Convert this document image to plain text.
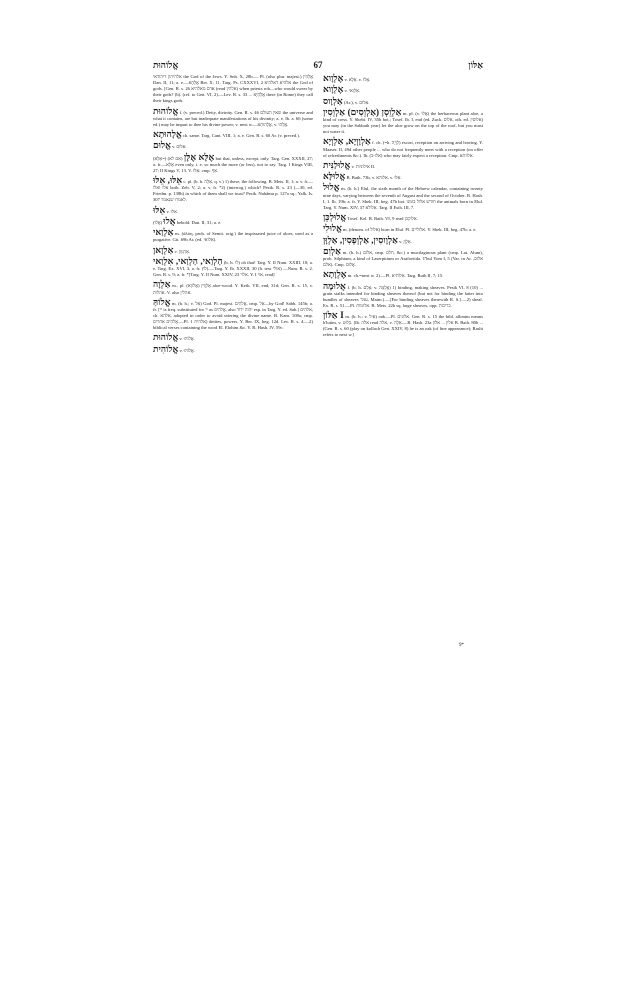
אֱלוֹהוּת	67	אַלּוֹן

אלהיהון דיהודאי the God of the Jews. Y. Snh. X, 28b.— Pl. (also plur. majest.) אֱלָהִין Dan. II, 11; a. e.—אֱלָהָא Ber. X, 11. Targ. Ps. CXXXVI, 2 אלהיא דאלהיא the God of gods. [Gen. R. s. 26 אדם מאלהיא (read אלהין) when priests rob—who would swear by their gods? (b). (ref. to Gen. VI, 2).—Lev. R. s. 33 ... אֱלָהַיָּא there (in Rome) they call their kings gods.

אֱלוֹהוּת f. (v. preced.) Deity, divinity. Gen. R. s. 46 שאין העולם the universe and what it contains, are but inadequate manifestations of his divinity; a. e. Ib. a. 66 (some ed.) may he impart to thee his divine power; v. next w.—אֱלָהוּתָא, v. אֱלָהוּ.

אֱלָהוּתָא ch. same. Targ. Cant. VIII, 1; a. e. Gen. R. s. 60 Ar. (v. preced.).

אֱלוּם v. אִלּוּם.

אֶלָּא אֶלָּן (אִם לֹא) (=אֶלָּא) but that, unless, except, only. Targ. Gen. XXXII, 27; a. fr.—אֶלָּא even only, i. e. so much the more (or less), not to say. Targ. I Kings VIII, 27; II Kings V, 13. V. אִלּוּ; cmp. אַף.

אֵלּוּ, אֵלּוּ c. pl. (b. h. אֵלֶּה, q. v.) 1) these, the following. B. Mets. II, 1; a. v. fr.—אלו ואלו both. Zeb. V, 2; a. v. fr. *2) (interrog.) which? Pesik. R. s. 23 (—30, ed. Friedm. p. 138b) in which of them shall we trust? Pesik. Nahâmu p. 127a sq.; Yalk. Is. 307 לאמרו שנאמר.

אֵלּוּ v. אִלּוּ.

אֲלוּ (אֲלוּ) behold. Dan. II, 31; a. e.

אַלְוַאי m. (ἀλόη, prob. of Semit. orig.) the inspissated juice of aloes, used as a purgative. Git. 69b Ar. (ed. אלואי).

אַלְוָאן v. אַרְגְּוָון.

הַלְוַאי, הַלְוַאי, אִלְוַאי (b. h. לוּ) oh that! Targ. Y. II Num. XXIII, 10; a. e. Targ. Ex. XVI, 3, a. fr. (לוּ).—Targ. Y. Ib. XXXII, 30 (h. text אולי) —Num. R. s. 2. Gen. R. s. 9; a. fr. *[Targ. Y. II Num. XXIV, 23 אלוי, Y. I אוי, read]

אַלְוָה m., pl. אַלְוָוִין (אֲלוֹוָא) aloe-wood. Y. Keth. VII, end, 31d; Gen. R. s. 15, v. אהלות. V. also אהלין.

אֱלוֹהַּ m. (b. h.; v. אֵל) God. Pl. majest. אֱלֹהִים, cmp. אֵל—by God! Sabb. 145b; a. fr. [יי is freq. substituted for יי as אֱלֹהִים, also יהוה ידוד esp. in Targ. Y. ed. Sab.] אלהים, ch. אלהא, adopted in order to avoid uttering the divine name. B. Kam. 108a; cmp. אֱלֹהִים אחרים.—Pl. אלהית 1) deities, powers. Y. Ber. IX, beg. 12d. Lev. R. s. 4.—2) biblical verses containing the word El. Elohim &c. Y. R. Hash. IV, 59c.

אֱלוֹהוּת v. אֱלוֹהוּ.

אֱלוֹהִית v. אֱלוֹהוּ.

אֶלְוָוא v. אֶלָּא. v. אֲלוּ.

אֶלְוָוא v. אַלְוַאי.

אַלְוָוס (Ar.), v. אִלּוּם.

אַלְוֵסְן (אַלְוֵסִים) אַלְוֵסִין m. pl. (v. אֲלוּ) the herbaceous plant aloe, a kind of cress. Y. Shebi. IV, 35b bot.; Tosef. Ib. I, end (ed. Zuck. אלוס, oth. ed. אלוסין) you may (in the Sabbath year) let the aloe grow on the top of the roof, but you must not water it.

אַלְוָוְיָא, אַלְוְיָא f. ch. (=h. לְוָיָה) escort, reception on arriving and leaving. Y. Maaser. II, 49d other people ... who do not frequently meet with a reception (on offer of refreshments &c.). Ib. (אלו-ב) who may fairly expect a reception. Cmp. אלוותא.

אֱלוּלַנִּית v. אילוניות II.

אֱלוּלָּא B. Bath. 73b, v. אלוהא, v. אִלּוּ.

אֱלוּל m. (b. h.) Elul, the sixth month of the Hebrew calendar, containing twenty nine days, varying between the seventh of August and the second of October. R. Hash. I, 1. Ib. 19b; a. fr. Y. Shek. III, beg. 47b bot. חודש אלול בזמנו the animals born in Elul. Targ. Y. Num. XIV, 37 אלולא. Targ. II Esth. III, 7.

אֱלוּלְכֵּן Tosef. Kel. B. Bath. VI, 9 read אלוקכן.

אֱלוּלִי m. (denom. of אלול) born in Elul. Pl. אלוליים. Y. Shek. III, beg. 47b; a. e.

אַלְוָוסִין, אַלְוְפְסִין, אַלְוָּן v. אַלְוָן.

אַלְוִם m. (b. h.) אלוֹם, cmp. חלם, &c.) a mucilaginous plant (cmp. Lat. Alum), prob. Silphium, a kind of Laserpitium or Asafoetida. T'bul Yom I, 5 (Var. in Ar. אלוס, אלם). Cmp. אֲלוּם.

אֶלְוָתָא m. ch.=next w. 2).—Pl. אלותיא. Targ. Ruth II, 7; 15.

אֲלוּמָה f. (b. h. אָלַם; v. אֲלֻמָּה) 1) binding, making sheaves. Pesik VI, 8 (10) ... grain stalks intended for binding sheaves thereof (but not for binding the latter into bundles of sheaves עמר, Maim.).—[For binding sheaves therewith R. S.].—2) sheaf. Ex. R. s. 51.—Pl. אלומות. B. Mets. 22b sq. large sheaves, opp. כריכות.

אַלּוֹן I m. (b. h.; v. אַיִל) oak.—Pl. אלונים. Gen. R. s. 15 the bibl. allonim means b'lutim, v. בְּלוּט. [Ib. אלה read אלה, v. אֵלָה.—R. Hash. 23a אלון ... אלון B. Bath. 80b ... (Gen. R. s. 60 (play on kollach Gen. XXIV, 8) he is an oak (of fine appearance); Rashi refers to next w.]

9*
